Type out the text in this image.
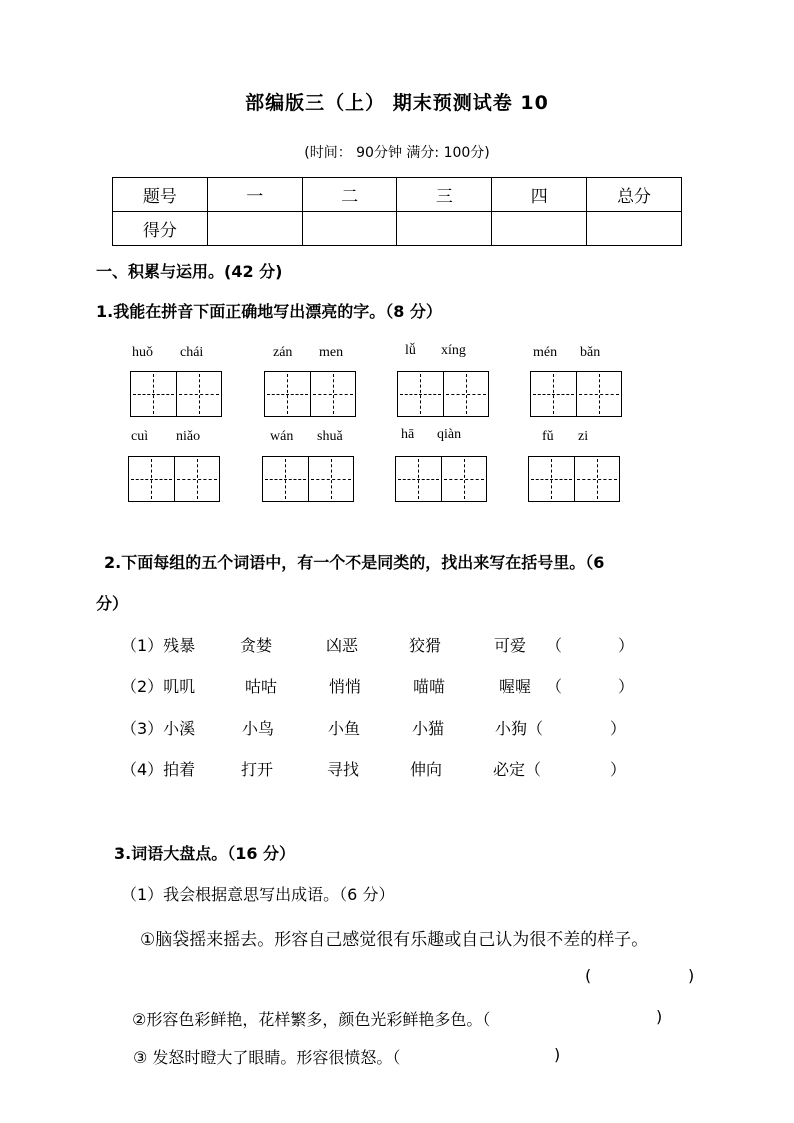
部编版三（上） 期末预测试卷 10
(时间： 90分钟 满分: 100分)
题号	一	二	三	四	总分
得分					
一、积累与运用。(42 分)
1.我能在拼音下面正确地写出漂亮的字。（8 分）
huǒ chái	zán men	lǚ xíng	mén bǎn
cuì niǎo	wán shuǎ	hā qiàn	fǔ zi
2.下面每组的五个词语中，有一个不是同类的，找出来写在括号里。（6
分）
（1）残暴	贪婪	凶恶	狡猾	可爱 （	）
（2）叽叽	咕咕	悄悄	喵喵	喔喔 （	）
（3）小溪	小鸟	小鱼	小猫	小狗（	）
（4）拍着	打开	寻找	伸向	必定（	）
3.词语大盘点。（16 分）
（1）我会根据意思写出成语。（6 分）
①脑袋摇来摇去。形容自己感觉很有乐趣或自己认为很不差的样子。
(	)
②形容色彩鲜艳，花样繁多，颜色光彩鲜艳多色。（	)
③ 发怒时瞪大了眼睛。形容很愤怒。（	)
